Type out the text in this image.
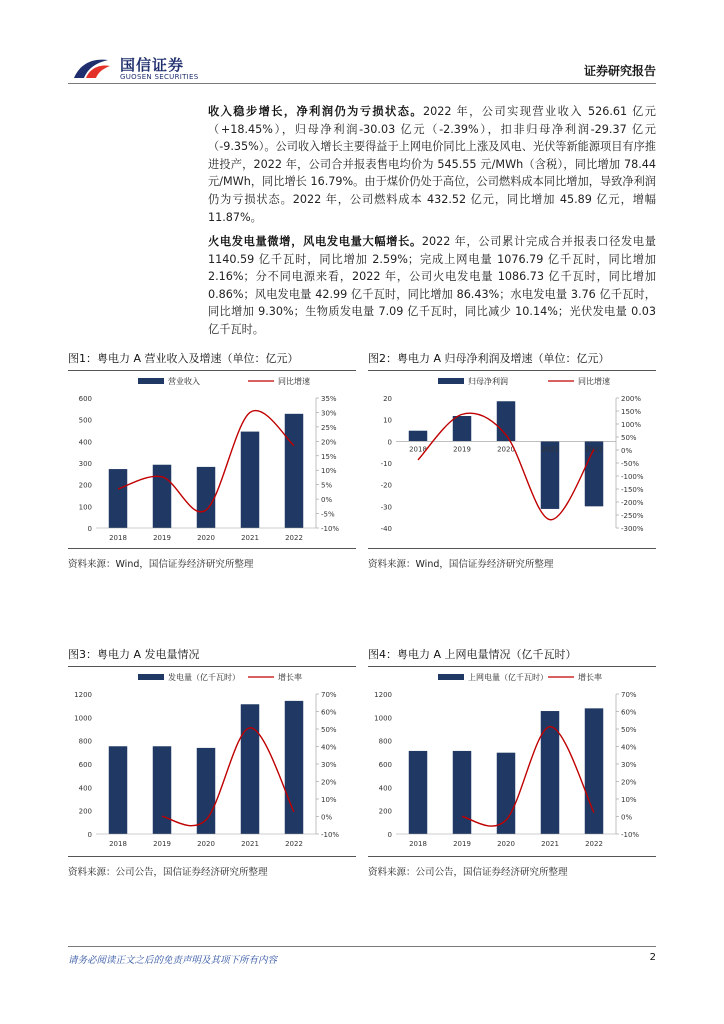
国信证券
GUOSEN SECURITIES	证券研究报告

收入稳步增长，净利润仍为亏损状态。2022 年，公司实现营业收入 526.61 亿元（+18.45%），归母净利润-30.03 亿元（-2.39%），扣非归母净利润-29.37 亿元（-9.35%）。公司收入增长主要得益于上网电价同比上涨及风电、光伏等新能源项目有序推进投产，2022 年，公司合并报表售电均价为 545.55 元/MWh（含税），同比增加 78.44 元/MWh，同比增长 16.79%。由于煤价仍处于高位，公司燃料成本同比增加，导致净利润仍为亏损状态。2022 年，公司燃料成本 432.52 亿元，同比增加 45.89 亿元，增幅 11.87%。

火电发电量微增，风电发电量大幅增长。2022 年，公司累计完成合并报表口径发电量 1140.59 亿千瓦时，同比增加 2.59%；完成上网电量 1076.79 亿千瓦时，同比增加 2.16%；分不同电源来看，2022 年，公司火电发电量 1086.73 亿千瓦时，同比增加 0.86%；风电发电量 42.99 亿千瓦时，同比增加 86.43%；水电发电量 3.76 亿千瓦时，同比增加 9.30%；生物质发电量 7.09 亿千瓦时，同比减少 10.14%；光伏发电量 0.03 亿千瓦时。

图1：粤电力 A 营业收入及增速（单位：亿元）
营业收入	同比增速
0
100
200
300
400
500
600
-10%
-5%
0%
5%
10%
15%
20%
25%
30%
35%
2018	2019	2020	2021	2022
资料来源：Wind，国信证券经济研究所整理
图2：粤电力 A 归母净利润及增速（单位：亿元）
归母净利润	同比增速
-40
-30
-20
-10
0
10
20
-300%
-250%
-200%
-150%
-100%
-50%
0%
50%
100%
150%
200%
2018	2019	2020	2021	2022
资料来源：Wind，国信证券经济研究所整理
图3：粤电力 A 发电量情况
发电量（亿千瓦时）	增长率
0
200
400
600
800
1000
1200
-10%
0%
10%
20%
30%
40%
50%
60%
70%
2018	2019	2020	2021	2022
资料来源：公司公告，国信证券经济研究所整理
图4：粤电力 A 上网电量情况（亿千瓦时）
上网电量（亿千瓦时）	增长率
0
200
400
600
800
1000
1200
-10%
0%
10%
20%
30%
40%
50%
60%
70%
2018	2019	2020	2021	2022
资料来源：公司公告，国信证券经济研究所整理
请务必阅读正文之后的免责声明及其项下所有内容	2
